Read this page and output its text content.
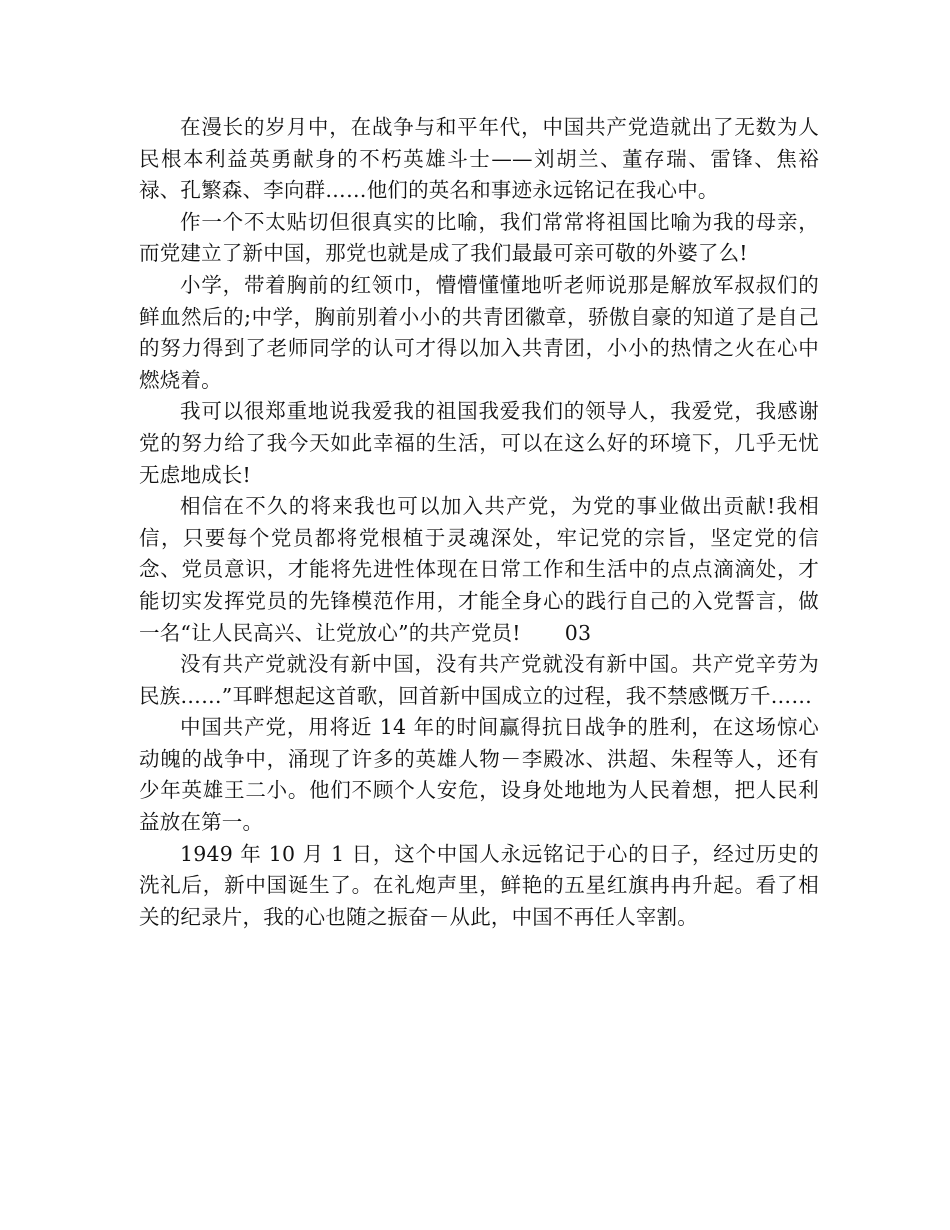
在漫长的岁月中，在战争与和平年代，中国共产党造就出了无数为人民根本利益英勇献身的不朽英雄斗士——刘胡兰、董存瑞、雷锋、焦裕禄、孔繁森、李向群……他们的英名和事迹永远铭记在我心中。

作一个不太贴切但很真实的比喻，我们常常将祖国比喻为我的母亲，而党建立了新中国，那党也就是成了我们最最可亲可敬的外婆了么!

小学，带着胸前的红领巾，懵懵懂懂地听老师说那是解放军叔叔们的鲜血然后的;中学，胸前别着小小的共青团徽章，骄傲自豪的知道了是自己的努力得到了老师同学的认可才得以加入共青团，小小的热情之火在心中燃烧着。

我可以很郑重地说我爱我的祖国我爱我们的领导人，我爱党，我感谢党的努力给了我今天如此幸福的生活，可以在这么好的环境下，几乎无忧无虑地成长!

相信在不久的将来我也可以加入共产党，为党的事业做出贡献!我相信，只要每个党员都将党根植于灵魂深处，牢记党的宗旨，坚定党的信念、党员意识，才能将先进性体现在日常工作和生活中的点点滴滴处，才能切实发挥党员的先锋模范作用，才能全身心的践行自己的入党誓言，做一名“让人民高兴、让党放心”的共产党员! 03

没有共产党就没有新中国，没有共产党就没有新中国。共产党辛劳为民族……”耳畔想起这首歌，回首新中国成立的过程，我不禁感慨万千……

中国共产党，用将近 14 年的时间赢得抗日战争的胜利，在这场惊心动魄的战争中，涌现了许多的英雄人物－李殿冰、洪超、朱程等人，还有少年英雄王二小。他们不顾个人安危，设身处地地为人民着想，把人民利益放在第一。

1949 年 10 月 1 日，这个中国人永远铭记于心的日子，经过历史的洗礼后，新中国诞生了。在礼炮声里，鲜艳的五星红旗冉冉升起。看了相关的纪录片，我的心也随之振奋－从此，中国不再任人宰割。
